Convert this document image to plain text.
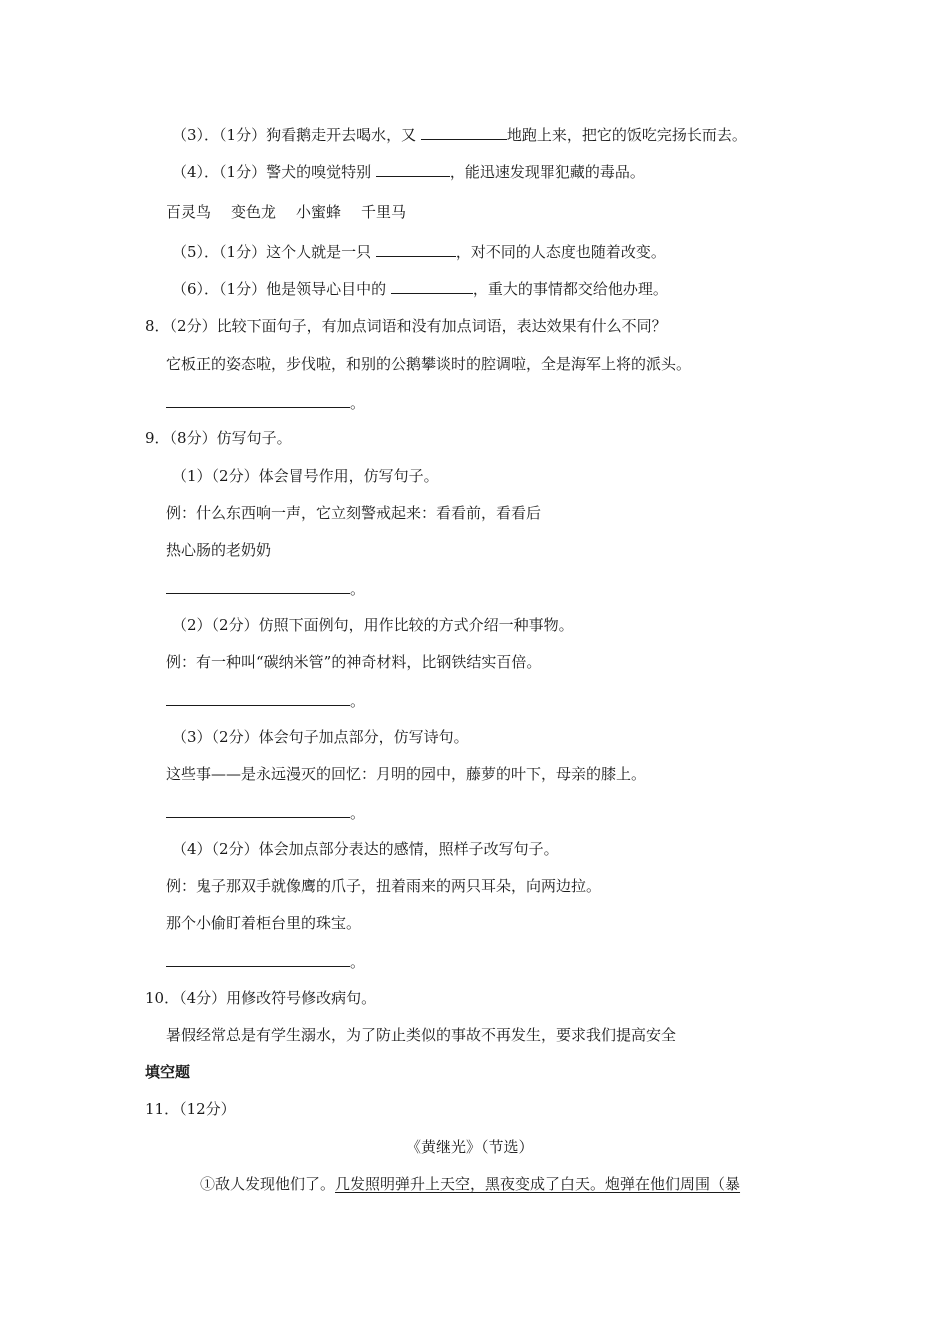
（3）．（1分）狗看鹅走开去喝水，又	地跑上来，把它的饭吃完扬长而去。
（4）．（1分）警犬的嗅觉特别	，能迅速发现罪犯藏的毒品。
百灵鸟 变色龙 小蜜蜂 千里马
（5）．（1分）这个人就是一只	，对不同的人态度也随着改变。
（6）．（1分）他是领导心目中的	，重大的事情都交给他办理。
8．（2分）比较下面句子，有加点词语和没有加点词语，表达效果有什么不同？
它板正的姿态啦，步伐啦，和别的公鹅攀谈时的腔调啦，全是海军上将的派头。
。
9．（8分）仿写句子。
（1）（2分）体会冒号作用，仿写句子。
例：什么东西响一声，它立刻警戒起来：看看前，看看后
热心肠的老奶奶
。
（2）（2分）仿照下面例句，用作比较的方式介绍一种事物。
例：有一种叫“碳纳米管”的神奇材料，比钢铁结实百倍。
。
（3）（2分）体会句子加点部分，仿写诗句。
这些事——是永远漫灭的回忆：月明的园中，藤萝的叶下，母亲的膝上。
。
（4）（2分）体会加点部分表达的感情，照样子改写句子。
例：鬼子那双手就像鹰的爪子，扭着雨来的两只耳朵，向两边拉。
那个小偷盯着柜台里的珠宝。
。
10．（4分）用修改符号修改病句。
暑假经常总是有学生溺水，为了防止类似的事故不再发生，要求我们提高安全
填空题
11．（12分）
《黄继光》（节选）
①敌人发现他们了。几发照明弹升上天空，黑夜变成了白天。炮弹在他们周围（暴
